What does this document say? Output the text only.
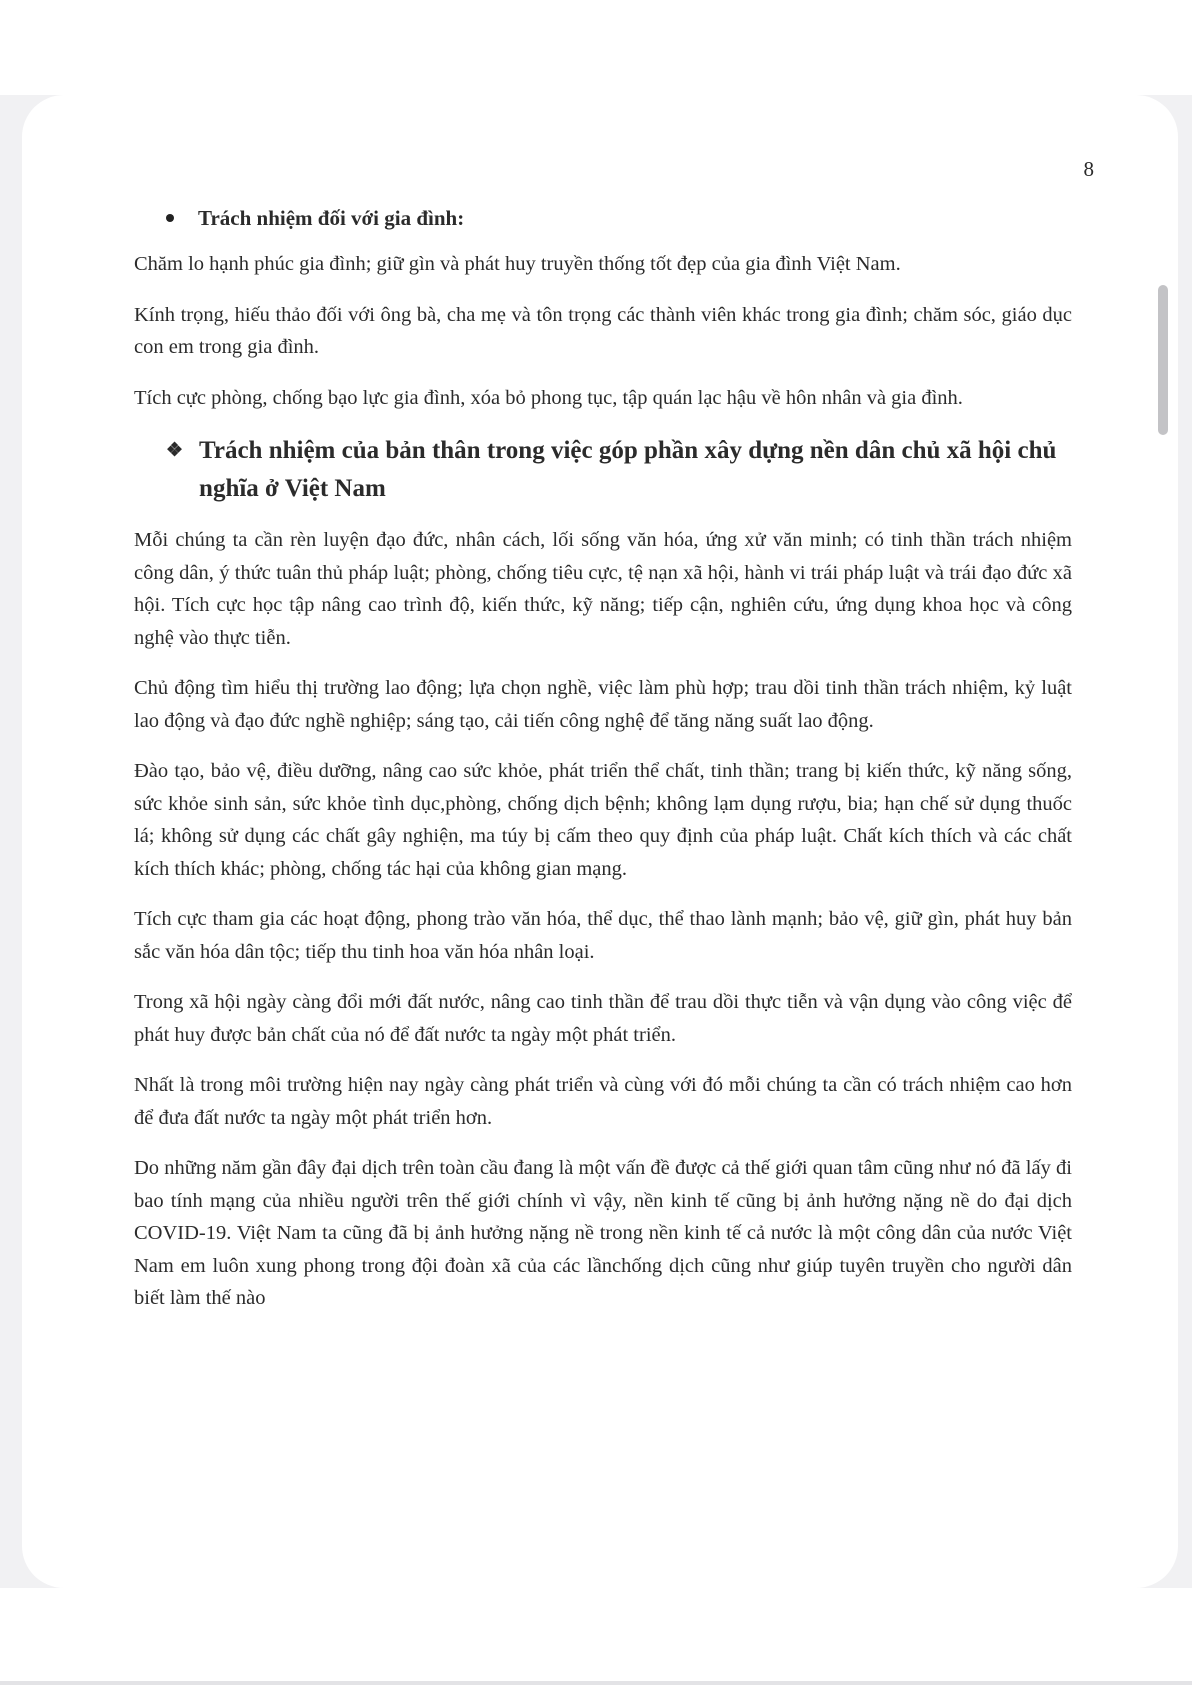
8
Trách nhiệm đối với gia đình:

Chăm lo hạnh phúc gia đình; giữ gìn và phát huy truyền thống tốt đẹp của gia đình Việt Nam.

Kính trọng, hiếu thảo đối với ông bà, cha mẹ và tôn trọng các thành viên khác trong gia đình; chăm sóc, giáo dục con em trong gia đình.

Tích cực phòng, chống bạo lực gia đình, xóa bỏ phong tục, tập quán lạc hậu về hôn nhân và gia đình.

❖ Trách nhiệm của bản thân trong việc góp phần xây dựng nền dân chủ xã hội chủ nghĩa ở Việt Nam

Mỗi chúng ta cần rèn luyện đạo đức, nhân cách, lối sống văn hóa, ứng xử văn minh; có tinh thần trách nhiệm công dân, ý thức tuân thủ pháp luật; phòng, chống tiêu cực, tệ nạn xã hội, hành vi trái pháp luật và trái đạo đức xã hội. Tích cực học tập nâng cao trình độ, kiến thức, kỹ năng; tiếp cận, nghiên cứu, ứng dụng khoa học và công nghệ vào thực tiễn.

Chủ động tìm hiểu thị trường lao động; lựa chọn nghề, việc làm phù hợp; trau dồi tinh thần trách nhiệm, kỷ luật lao động và đạo đức nghề nghiệp; sáng tạo, cải tiến công nghệ để tăng năng suất lao động.

Đào tạo, bảo vệ, điều dưỡng, nâng cao sức khỏe, phát triển thể chất, tinh thần; trang bị kiến thức, kỹ năng sống, sức khỏe sinh sản, sức khỏe tình dục,phòng, chống dịch bệnh; không lạm dụng rượu, bia; hạn chế sử dụng thuốc lá; không sử dụng các chất gây nghiện, ma túy bị cấm theo quy định của pháp luật. Chất kích thích và các chất kích thích khác; phòng, chống tác hại của không gian mạng.

Tích cực tham gia các hoạt động, phong trào văn hóa, thể dục, thể thao lành mạnh; bảo vệ, giữ gìn, phát huy bản sắc văn hóa dân tộc; tiếp thu tinh hoa văn hóa nhân loại.

Trong xã hội ngày càng đổi mới đất nước, nâng cao tinh thần để trau dồi thực tiễn và vận dụng vào công việc để phát huy được bản chất của nó để đất nước ta ngày một phát triển.

Nhất là trong môi trường hiện nay ngày càng phát triển và cùng với đó mỗi chúng ta cần có trách nhiệm cao hơn để đưa đất nước ta ngày một phát triển hơn.

Do những năm gần đây đại dịch trên toàn cầu đang là một vấn đề được cả thế giới quan tâm cũng như nó đã lấy đi bao tính mạng của nhiều người trên thế giới chính vì vậy, nền kinh tế cũng bị ảnh hưởng nặng nề do đại dịch COVID-19. Việt Nam ta cũng đã bị ảnh hưởng nặng nề trong nền kinh tế cả nước là một công dân của nước Việt Nam em luôn xung phong trong đội đoàn xã của các lầnchống dịch cũng như giúp tuyên truyền cho người dân biết làm thế nào
